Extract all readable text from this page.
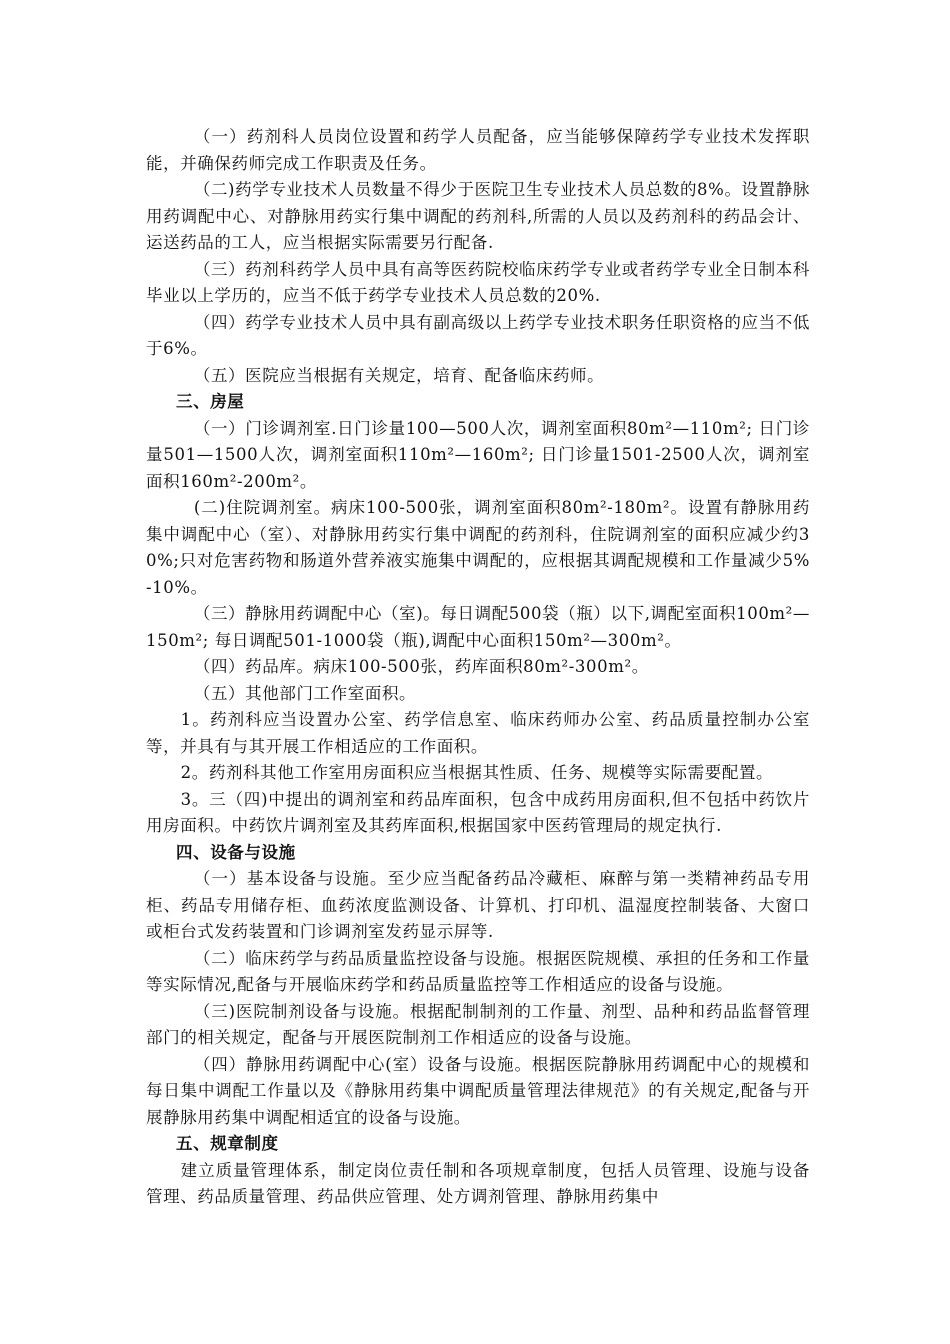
（一）药剂科人员岗位设置和药学人员配备，应当能够保障药学专业技术发挥职能，并确保药师完成工作职责及任务。

（二)药学专业技术人员数量不得少于医院卫生专业技术人员总数的8%。设置静脉用药调配中心、对静脉用药实行集中调配的药剂科,所需的人员以及药剂科的药品会计、运送药品的工人，应当根据实际需要另行配备.

（三）药剂科药学人员中具有高等医药院校临床药学专业或者药学专业全日制本科毕业以上学历的，应当不低于药学专业技术人员总数的20%.

（四）药学专业技术人员中具有副高级以上药学专业技术职务任职资格的应当不低于6%。

（五）医院应当根据有关规定，培育、配备临床药师。

三、房屋

（一）门诊调剂室.日门诊量100—500人次，调剂室面积80m²—110m²; 日门诊量501—1500人次，调剂室面积110m²—160m²; 日门诊量1501-2500人次，调剂室面积160m²-200m²。

(二)住院调剂室。病床100-500张，调剂室面积80m²-180m²。设置有静脉用药集中调配中心（室）、对静脉用药实行集中调配的药剂科，住院调剂室的面积应减少约30%;只对危害药物和肠道外营养液实施集中调配的，应根据其调配规模和工作量减少5%-10%。

（三）静脉用药调配中心（室)。每日调配500袋（瓶）以下,调配室面积100m²—150m²; 每日调配501-1000袋（瓶),调配中心面积150m²—300m²。

（四）药品库。病床100-500张，药库面积80m²-300m²。

（五）其他部门工作室面积。

1。药剂科应当设置办公室、药学信息室、临床药师办公室、药品质量控制办公室等，并具有与其开展工作相适应的工作面积。

2。药剂科其他工作室用房面积应当根据其性质、任务、规模等实际需要配置。

3。三（四)中提出的调剂室和药品库面积，包含中成药用房面积,但不包括中药饮片用房面积。中药饮片调剂室及其药库面积,根据国家中医药管理局的规定执行.

四、设备与设施

（一）基本设备与设施。至少应当配备药品冷藏柜、麻醉与第一类精神药品专用柜、药品专用储存柜、血药浓度监测设备、计算机、打印机、温湿度控制装备、大窗口或柜台式发药装置和门诊调剂室发药显示屏等.

（二）临床药学与药品质量监控设备与设施。根据医院规模、承担的任务和工作量等实际情况,配备与开展临床药学和药品质量监控等工作相适应的设备与设施。

（三)医院制剂设备与设施。根据配制制剂的工作量、剂型、品种和药品监督管理部门的相关规定，配备与开展医院制剂工作相适应的设备与设施。

（四）静脉用药调配中心(室）设备与设施。根据医院静脉用药调配中心的规模和每日集中调配工作量以及《静脉用药集中调配质量管理法律规范》的有关规定,配备与开展静脉用药集中调配相适宜的设备与设施。

五、规章制度

建立质量管理体系，制定岗位责任制和各项规章制度，包括人员管理、设施与设备管理、药品质量管理、药品供应管理、处方调剂管理、静脉用药集中
